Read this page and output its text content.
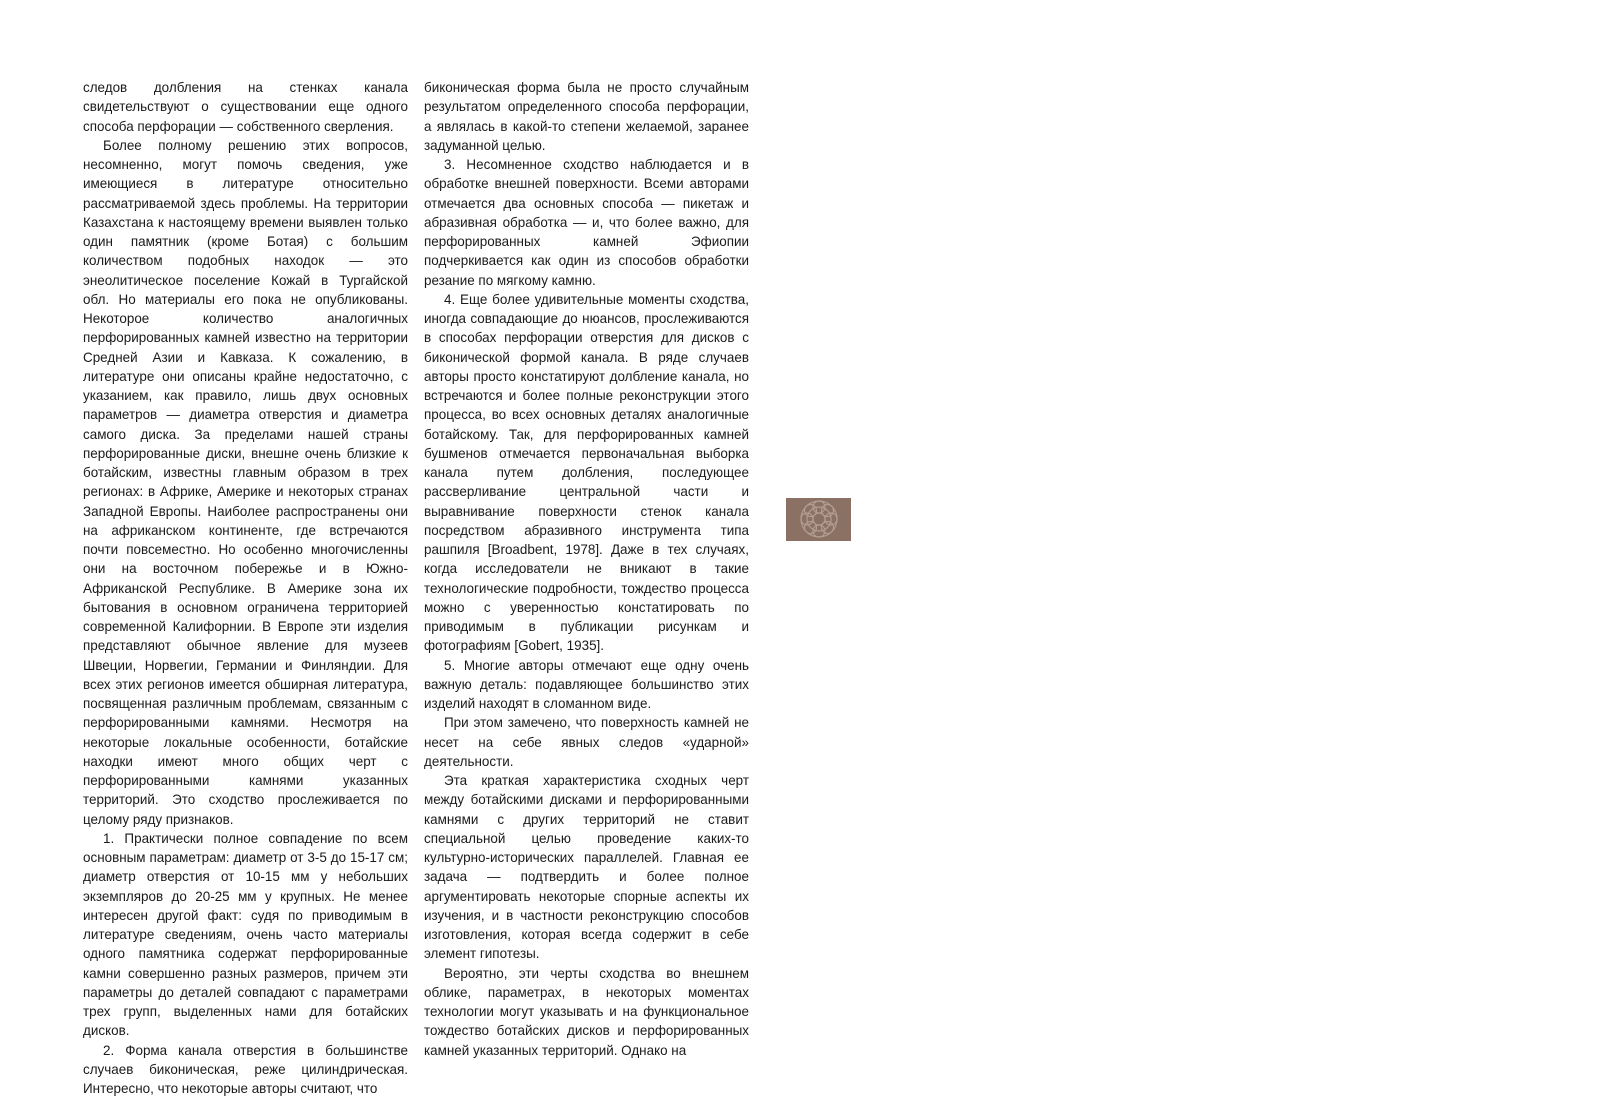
следов долбления на стенках канала свидетельствуют о существовании еще одного способа перфорации — собственного сверления.

Более полному решению этих вопросов, несомненно, могут помочь сведения, уже имеющиеся в литературе относительно рассматриваемой здесь проблемы. На территории Казахстана к настоящему времени выявлен только один памятник (кроме Ботая) с большим количеством подобных находок — это энеолитическое поселение Кожай в Тургайской обл. Но материалы его пока не опубликованы. Некоторое количество аналогичных перфорированных камней известно на территории Средней Азии и Кавказа. К сожалению, в литературе они описаны крайне недостаточно, с указанием, как правило, лишь двух основных параметров — диаметра отверстия и диаметра самого диска. За пределами нашей страны перфорированные диски, внешне очень близкие к ботайским, известны главным образом в трех регионах: в Африке, Америке и некоторых странах Западной Европы. Наиболее распространены они на африканском континенте, где встречаются почти повсеместно. Но особенно многочисленны они на восточном побережье и в Южно-Африканской Республике. В Америке зона их бытования в основном ограничена территорией современной Калифорнии. В Европе эти изделия представляют обычное явление для музеев Швеции, Норвегии, Германии и Финляндии. Для всех этих регионов имеется обширная литература, посвященная различным проблемам, связанным с перфорированными камнями. Несмотря на некоторые локальные особенности, ботайские находки имеют много общих черт с перфорированными камнями указанных территорий. Это сходство прослеживается по целому ряду признаков.

1. Практически полное совпадение по всем основным параметрам: диаметр от 3-5 до 15-17 см; диаметр отверстия от 10-15 мм у небольших экземпляров до 20-25 мм у крупных. Не менее интересен другой факт: судя по приводимым в литературе сведениям, очень часто материалы одного памятника содержат перфорированные камни совершенно разных размеров, причем эти параметры до деталей совпадают с параметрами трех групп, выделенных нами для ботайских дисков.

2. Форма канала отверстия в большинстве случаев биконическая, реже цилиндрическая. Интересно, что некоторые авторы считают, что

биконическая форма была не просто случайным результатом определенного способа перфорации, а являлась в какой-то степени желаемой, заранее задуманной целью.

3. Несомненное сходство наблюдается и в обработке внешней поверхности. Всеми авторами отмечается два основных способа — пикетаж и абразивная обработка — и, что более важно, для перфорированных камней Эфиопии подчеркивается как один из способов обработки резание по мягкому камню.

4. Еще более удивительные моменты сходства, иногда совпадающие до нюансов, прослеживаются в способах перфорации отверстия для дисков с биконической формой канала. В ряде случаев авторы просто констатируют долбление канала, но встречаются и более полные реконструкции этого процесса, во всех основных деталях аналогичные ботайскому. Так, для перфорированных камней бушменов отмечается первоначальная выборка канала путем долбления, последующее рассверливание центральной части и выравнивание поверхности стенок канала посредством абразивного инструмента типа рашпиля [Broadbent, 1978]. Даже в тех случаях, когда исследователи не вникают в такие технологические подробности, тождество процесса можно с уверенностью констатировать по приводимым в публикации рисункам и фотографиям [Gobert, 1935].

5. Многие авторы отмечают еще одну очень важную деталь: подавляющее большинство этих изделий находят в сломанном виде.

При этом замечено, что поверхность камней не несет на себе явных следов «ударной» деятельности.

Эта краткая характеристика сходных черт между ботайскими дисками и перфорированными камнями с других территорий не ставит специальной целью проведение каких-то культурно-исторических параллелей. Главная ее задача — подтвердить и более полное аргументировать некоторые спорные аспекты их изучения, и в частности реконструкцию способов изготовления, которая всегда содержит в себе элемент гипотезы.

Вероятно, эти черты сходства во внешнем облике, параметрах, в некоторых моментах технологии могут указывать и на функциональное тождество ботайских дисков и перфорированных камней указанных территорий. Однако на

289
